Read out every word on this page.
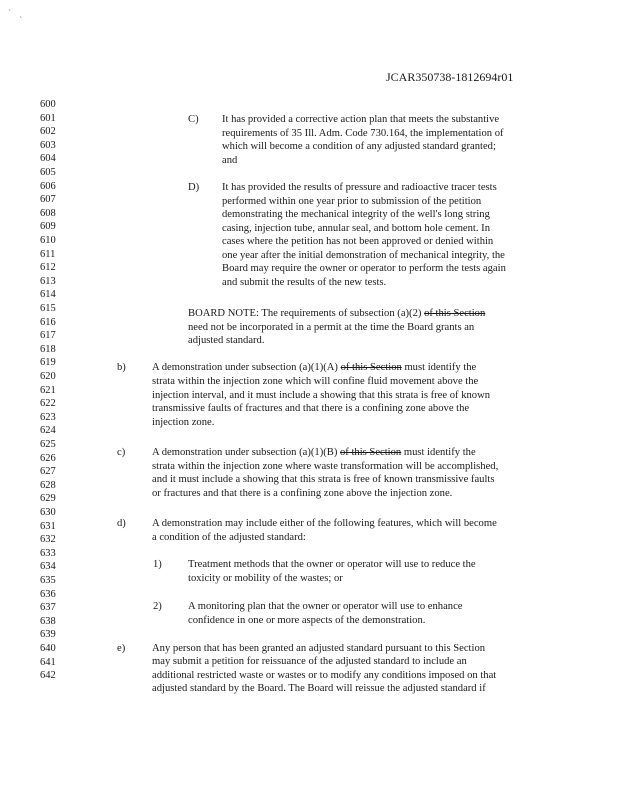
ˋ ˎ
JCAR350738-1812694r01
600
601
602
603
604
605
606
607
608
609
610
611
612
613
614
615
616
617
618
619
620
621
622
623
624
625
626
627
628
629
630
631
632
633
634
635
636
637
638
639
640
641
642
C) It has provided a corrective action plan that meets the substantive
requirements of 35 Ill. Adm. Code 730.164, the implementation of
which will become a condition of any adjusted standard granted;
and
D) It has provided the results of pressure and radioactive tracer tests
performed within one year prior to submission of the petition
demonstrating the mechanical integrity of the well's long string
casing, injection tube, annular seal, and bottom hole cement. In
cases where the petition has not been approved or denied within
one year after the initial demonstration of mechanical integrity, the
Board may require the owner or operator to perform the tests again
and submit the results of the new tests.
BOARD NOTE: The requirements of subsection (a)(2) of this Section
need not be incorporated in a permit at the time the Board grants an
adjusted standard.
b) A demonstration under subsection (a)(1)(A) of this Section must identify the
strata within the injection zone which will confine fluid movement above the
injection interval, and it must include a showing that this strata is free of known
transmissive faults of fractures and that there is a confining zone above the
injection zone.
c)	A demonstration under subsection (a)(1)(B) of this Section must identify the
strata within the injection zone where waste transformation will be accomplished,
and it must include a showing that this strata is free of known transmissive faults
or fractures and that there is a confining zone above the injection zone.
d) A demonstration may include either of the following features, which will become
a condition of the adjusted standard:
1) Treatment methods that the owner or operator will use to reduce the
toxicity or mobility of the wastes; or
2) A monitoring plan that the owner or operator will use to enhance
confidence in one or more aspects of the demonstration.
e)	Any person that has been granted an adjusted standard pursuant to this Section
may submit a petition for reissuance of the adjusted standard to include an
additional restricted waste or wastes or to modify any conditions imposed on that
adjusted standard by the Board. The Board will reissue the adjusted standard if
